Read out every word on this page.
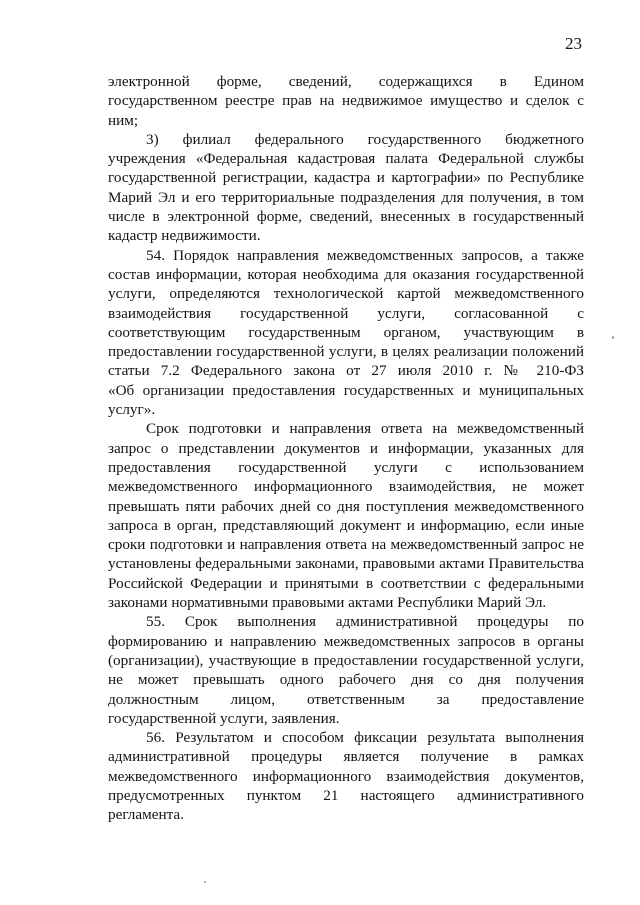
23
электронной форме, сведений, содержащихся в Едином
государственном реестре прав на недвижимое имущество и сделок с
ним;
3) филиал федерального государственного бюджетного
учреждения «Федеральная кадастровая палата Федеральной службы
государственной регистрации, кадастра и картографии» по Республике
Марий Эл и его территориальные подразделения для получения, в том
числе в электронной форме, сведений, внесенных в государственный
кадастр недвижимости.
54. Порядок направления межведомственных запросов, а также
состав информации, которая необходима для оказания государственной
услуги, определяются технологической картой межведомственного
взаимодействия государственной услуги, согласованной с
соответствующим государственным органом, участвующим в
предоставлении государственной услуги, в целях реализации положений
статьи 7.2 Федерального закона от 27 июля 2010 г. № 210-ФЗ
«Об организации предоставления государственных и муниципальных
услуг».
Срок подготовки и направления ответа на межведомственный
запрос о представлении документов и информации, указанных для
предоставления государственной услуги с использованием
межведомственного информационного взаимодействия, не может
превышать пяти рабочих дней со дня поступления межведомственного
запроса в орган, представляющий документ и информацию, если иные
сроки подготовки и направления ответа на межведомственный запрос не
установлены федеральными законами, правовыми актами Правительства
Российской Федерации и принятыми в соответствии с федеральными
законами нормативными правовыми актами Республики Марий Эл.
55. Срок выполнения административной процедуры по
формированию и направлению межведомственных запросов в органы
(организации), участвующие в предоставлении государственной услуги,
не может превышать одного рабочего дня со дня получения
должностным лицом, ответственным за предоставление
государственной услуги, заявления.
56. Результатом и способом фиксации результата выполнения
административной процедуры является получение в рамках
межведомственного информационного взаимодействия документов,
предусмотренных пунктом 21 настоящего административного
регламента.
